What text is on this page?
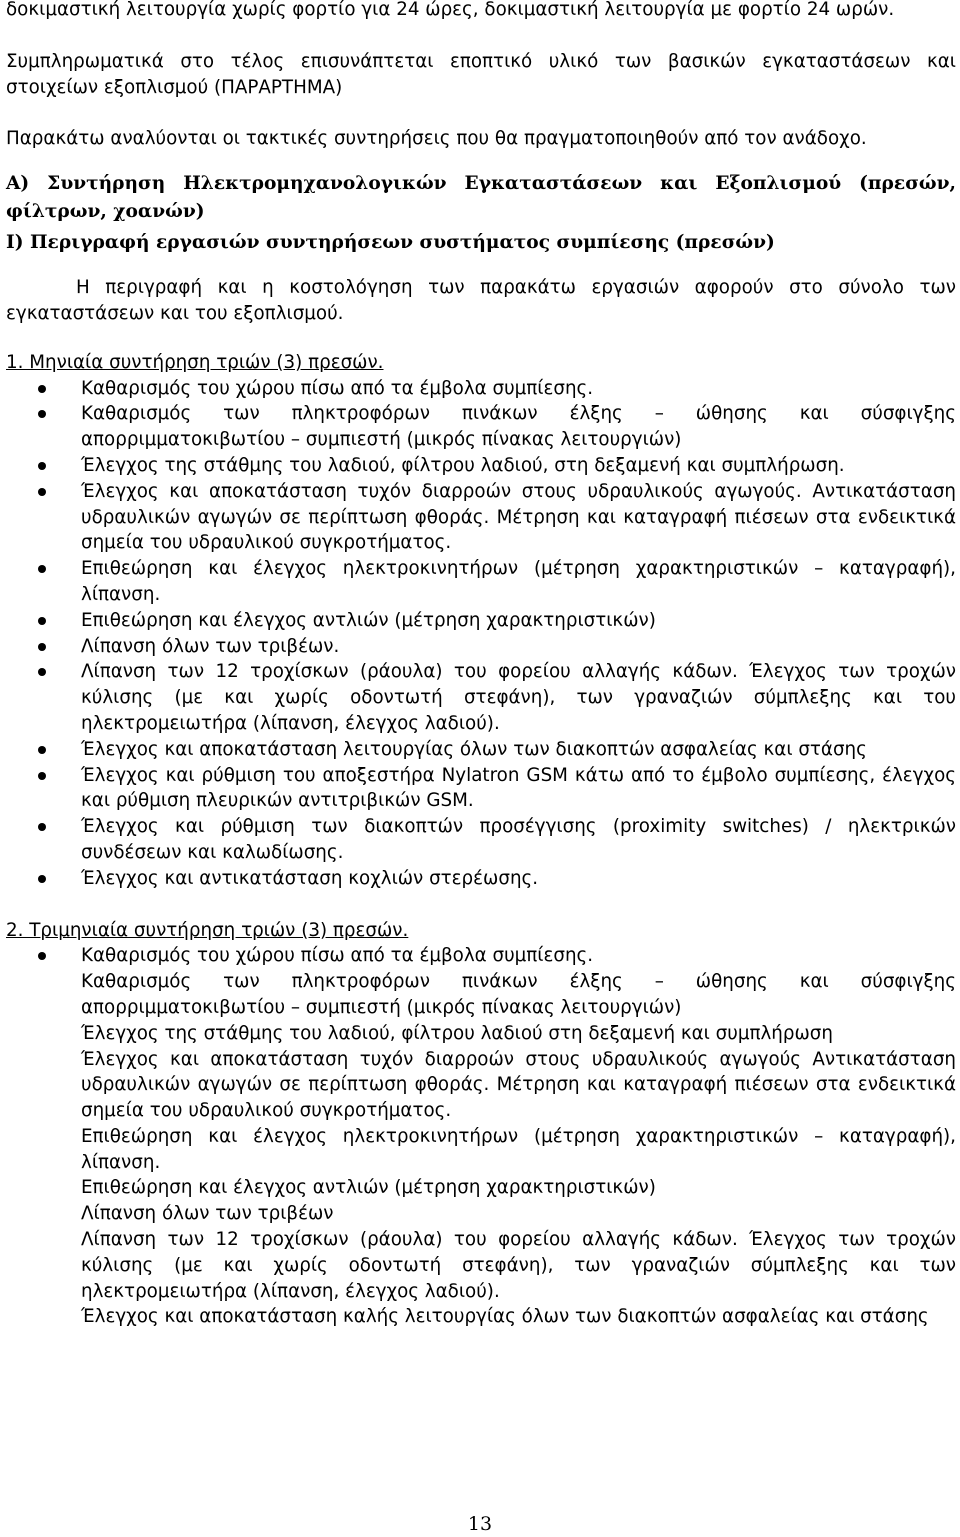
δοκιμαστική λειτουργία χωρίς φορτίο για 24 ώρες, δοκιμαστική λειτουργία με φορτίο 24 ωρών.

Συμπληρωματικά στο τέλος επισυνάπτεται εποπτικό υλικό των βασικών εγκαταστάσεων και στοιχείων εξοπλισμού (ΠΑΡΑΡΤΗΜΑ)

Παρακάτω αναλύονται οι τακτικές συντηρήσεις που θα πραγματοποιηθούν από τον ανάδοχο.

Α) Συντήρηση Ηλεκτρομηχανολογικών Εγκαταστάσεων και Εξοπλισμού (πρεσών, φίλτρων, χοανών)

Ι) Περιγραφή εργασιών συντηρήσεων συστήματος συμπίεσης (πρεσών)

Η περιγραφή και η κοστολόγηση των παρακάτω εργασιών αφορούν στο σύνολο των εγκαταστάσεων και του εξοπλισμού.

1. Μηνιαία συντήρηση τριών (3) πρεσών.

Καθαρισμός του χώρου πίσω από τα έμβολα συμπίεσης.
Καθαρισμός των πληκτροφόρων πινάκων έλξης – ώθησης και σύσφιγξης απορριμματοκιβωτίου – συμπιεστή (μικρός πίνακας λειτουργιών)
Έλεγχος της στάθμης του λαδιού, φίλτρου λαδιού, στη δεξαμενή και συμπλήρωση.
Έλεγχος και αποκατάσταση τυχόν διαρροών στους υδραυλικούς αγωγούς. Αντικατάσταση υδραυλικών αγωγών σε περίπτωση φθοράς. Μέτρηση και καταγραφή πιέσεων στα ενδεικτικά σημεία του υδραυλικού συγκροτήματος.
Επιθεώρηση και έλεγχος ηλεκτροκινητήρων (μέτρηση χαρακτηριστικών – καταγραφή), λίπανση.
Επιθεώρηση και έλεγχος αντλιών (μέτρηση χαρακτηριστικών)
Λίπανση όλων των τριβέων.
Λίπανση των 12 τροχίσκων (ράουλα) του φορείου αλλαγής κάδων. Έλεγχος των τροχών κύλισης (με και χωρίς οδοντωτή στεφάνη), των γραναζιών σύμπλεξης και του ηλεκτρομειωτήρα (λίπανση, έλεγχος λαδιού).
Έλεγχος και αποκατάσταση λειτουργίας όλων των διακοπτών ασφαλείας και στάσης
Έλεγχος και ρύθμιση του αποξεστήρα Nylatron GSM κάτω από το έμβολο συμπίεσης, έλεγχος και ρύθμιση πλευρικών αντιτριβικών GSM.
Έλεγχος και ρύθμιση των διακοπτών προσέγγισης (proximity switches) / ηλεκτρικών συνδέσεων και καλωδίωσης.
Έλεγχος και αντικατάσταση κοχλιών στερέωσης.

2. Τριμηνιαία συντήρηση τριών (3) πρεσών.

Καθαρισμός του χώρου πίσω από τα έμβολα συμπίεσης.
Καθαρισμός των πληκτροφόρων πινάκων έλξης – ώθησης και σύσφιγξης απορριμματοκιβωτίου – συμπιεστή (μικρός πίνακας λειτουργιών)
Έλεγχος της στάθμης του λαδιού, φίλτρου λαδιού στη δεξαμενή και συμπλήρωση
Έλεγχος και αποκατάσταση τυχόν διαρροών στους υδραυλικούς αγωγούς Αντικατάσταση υδραυλικών αγωγών σε περίπτωση φθοράς. Μέτρηση και καταγραφή πιέσεων στα ενδεικτικά σημεία του υδραυλικού συγκροτήματος.
Επιθεώρηση και έλεγχος ηλεκτροκινητήρων (μέτρηση χαρακτηριστικών – καταγραφή), λίπανση.
Επιθεώρηση και έλεγχος αντλιών (μέτρηση χαρακτηριστικών)
Λίπανση όλων των τριβέων
Λίπανση των 12 τροχίσκων (ράουλα) του φορείου αλλαγής κάδων. Έλεγχος των τροχών κύλισης (με και χωρίς οδοντωτή στεφάνη), των γραναζιών σύμπλεξης και των ηλεκτρομειωτήρα (λίπανση, έλεγχος λαδιού).
Έλεγχος και αποκατάσταση καλής λειτουργίας όλων των διακοπτών ασφαλείας και στάσης
13
